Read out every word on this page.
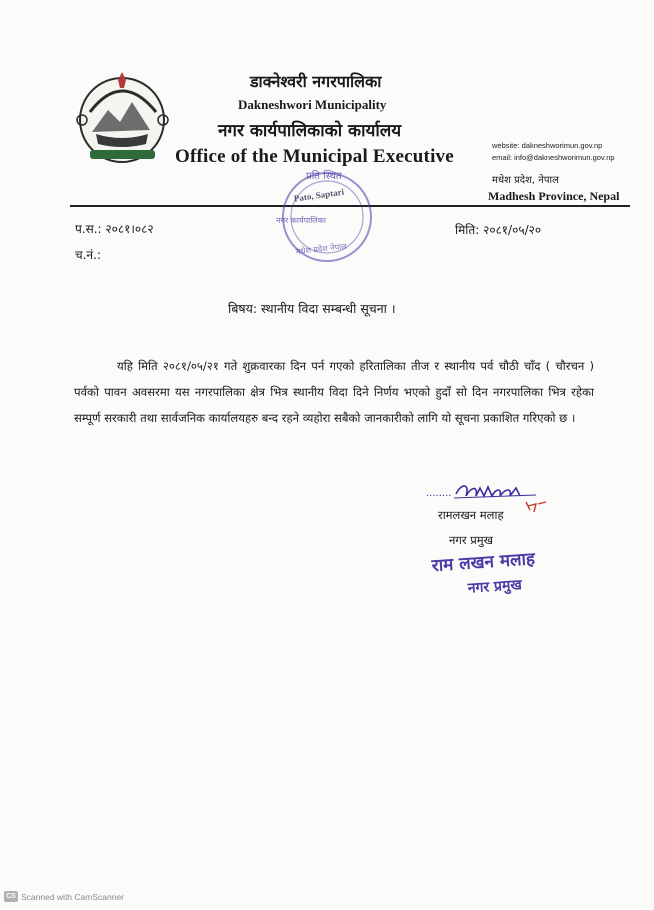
डाक्नेश्वरी नगरपालिका
Dakneshwori Municipality
नगर कार्यपालिकाको कार्यालय
Office of the Municipal Executive
website: dakneshworimun.gov.np
email: info@dakneshworimun.gov.np
मधेश प्रदेश, नेपाल
Madhesh Province, Nepal
प्रति स्थित
Pato, Saptari
नगर कार्यपालिका
मधेश प्रदेश नेपाल
प.स.: २०८१।०८२
च.नं.:
मिति: २०८१/०५/२०
बिषय: स्थानीय विदा सम्बन्धी सूचना ।
यहि मिति २०८१/०५/२१ गते शुक्रवारका दिन पर्न गएको हरितालिका तीज र स्थानीय पर्व चौठी चाँद ( चौरचन ) पर्वको पावन अवसरमा यस नगरपालिका क्षेत्र भित्र स्थानीय विदा दिने निर्णय भएको हुदाँ सो दिन नगरपालिका भित्र रहेका सम्पूर्ण सरकारी तथा सार्वजनिक कार्यालयहरु बन्द रहने व्यहोरा सबैको जानकारीको लागि यो सूचना प्रकाशित गरिएको छ ।
........
रामलखन मलाह
नगर प्रमुख
राम लखन मलाह
नगर प्रमुख
CS Scanned with CamScanner
